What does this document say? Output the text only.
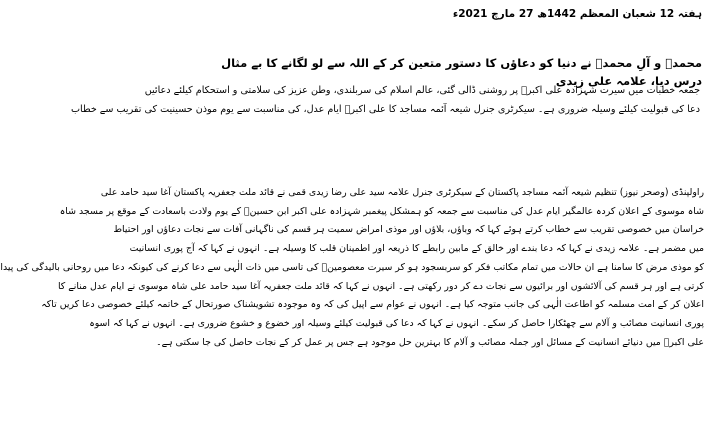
ہفتہ 12 شعبان المعظم 1442ھ 27 مارچ 2021ء
محمدؐ و آلِ محمدؐ نے دنیا کو دعاؤں کا دستور متعین کر کے اللہ سے لو لگانے کا بے مثال درس دیا، علامہ علی زیدی
جمعہ خطبات میں سیرت شہزادہ علی اکبرؑ پر روشنی ڈالی گئی، عالم اسلام کی سربلندی، وطن عزیز کی سلامتی و استحکام کیلئے دعائیں
دعا کی قبولیت کیلئے وسیلہ ضروری ہے۔ سیکرٹری جنرل شیعہ آئمہ مساجد کا علی اکبرؑ ایام عدل، کی مناسبت سے یوم موذن حسینیت کی تقریب سے خطاب
راولپنڈی (وصحر نیوز) تنظیم شیعہ آئمہ مساجد پاکستان کے سیکرٹری جنرل علامہ سید علی رضا زیدی قمی نے قائد ملت جعفریہ پاکستان آغا سید حامد علی
شاہ موسوی کے اعلان کردہ عالمگیر ایام عدل کی مناسبت سے جمعہ کو ہمشکل پیغمبر شہزادہ علی اکبر ابن حسینؑ کے یوم ولادت باسعادت کے موقع پر مسجد شاہ
خراسان میں خصوصی تقریب سے خطاب کرتے ہوئے کہا کہ وباؤں، بلاؤں اور موذی امراض سمیت ہر قسم کی ناگہانی آفات سے نجات دعاؤں اور احتیاط
میں مضمر ہے۔ علامہ زیدی نے کہا کہ دعا بندے اور خالق کے مابین رابطے کا ذریعہ اور اطمینان قلب کا وسیلہ ہے۔ انہوں نے کہا کہ آج پوری انسانیت
کو موذی مرض کا سامنا ہے ان حالات میں تمام مکاتب فکر کو سربسجود ہو کر سیرت معصومینؑ کی تاسی میں ذات الٰہی سے دعا کرنے کی کیونکہ دعا میں روحانی بالیدگی کی پیدا
کرتی ہے اور ہر قسم کی آلائشوں اور برائیوں سے نجات دے کر دور رکھتی ہے۔ انہوں نے کہا کہ قائد ملت جعفریہ آغا سید حامد علی شاہ موسوی نے ایام عدل منانے کا
اعلان کر کے امت مسلمہ کو اطاعت الٰہی کی جانب متوجہ کیا ہے۔ انہوں نے عوام سے اپیل کی کہ وہ موجودہ تشویشناک صورتحال کے خاتمہ کیلئے خصوصی دعا کریں تاکہ
پوری انسانیت مصائب و آلام سے چھٹکارا حاصل کر سکے۔ انہوں نے کہا کہ دعا کی قبولیت کیلئے وسیلہ اور خضوع و خشوع ضروری ہے۔ انہوں نے کہا کہ اسوہ
علی اکبرؑ میں دنیائے انسانیت کے مسائل اور جملہ مصائب و آلام کا بہترین حل موجود ہے جس پر عمل کر کے نجات حاصل کی جا سکتی ہے۔
